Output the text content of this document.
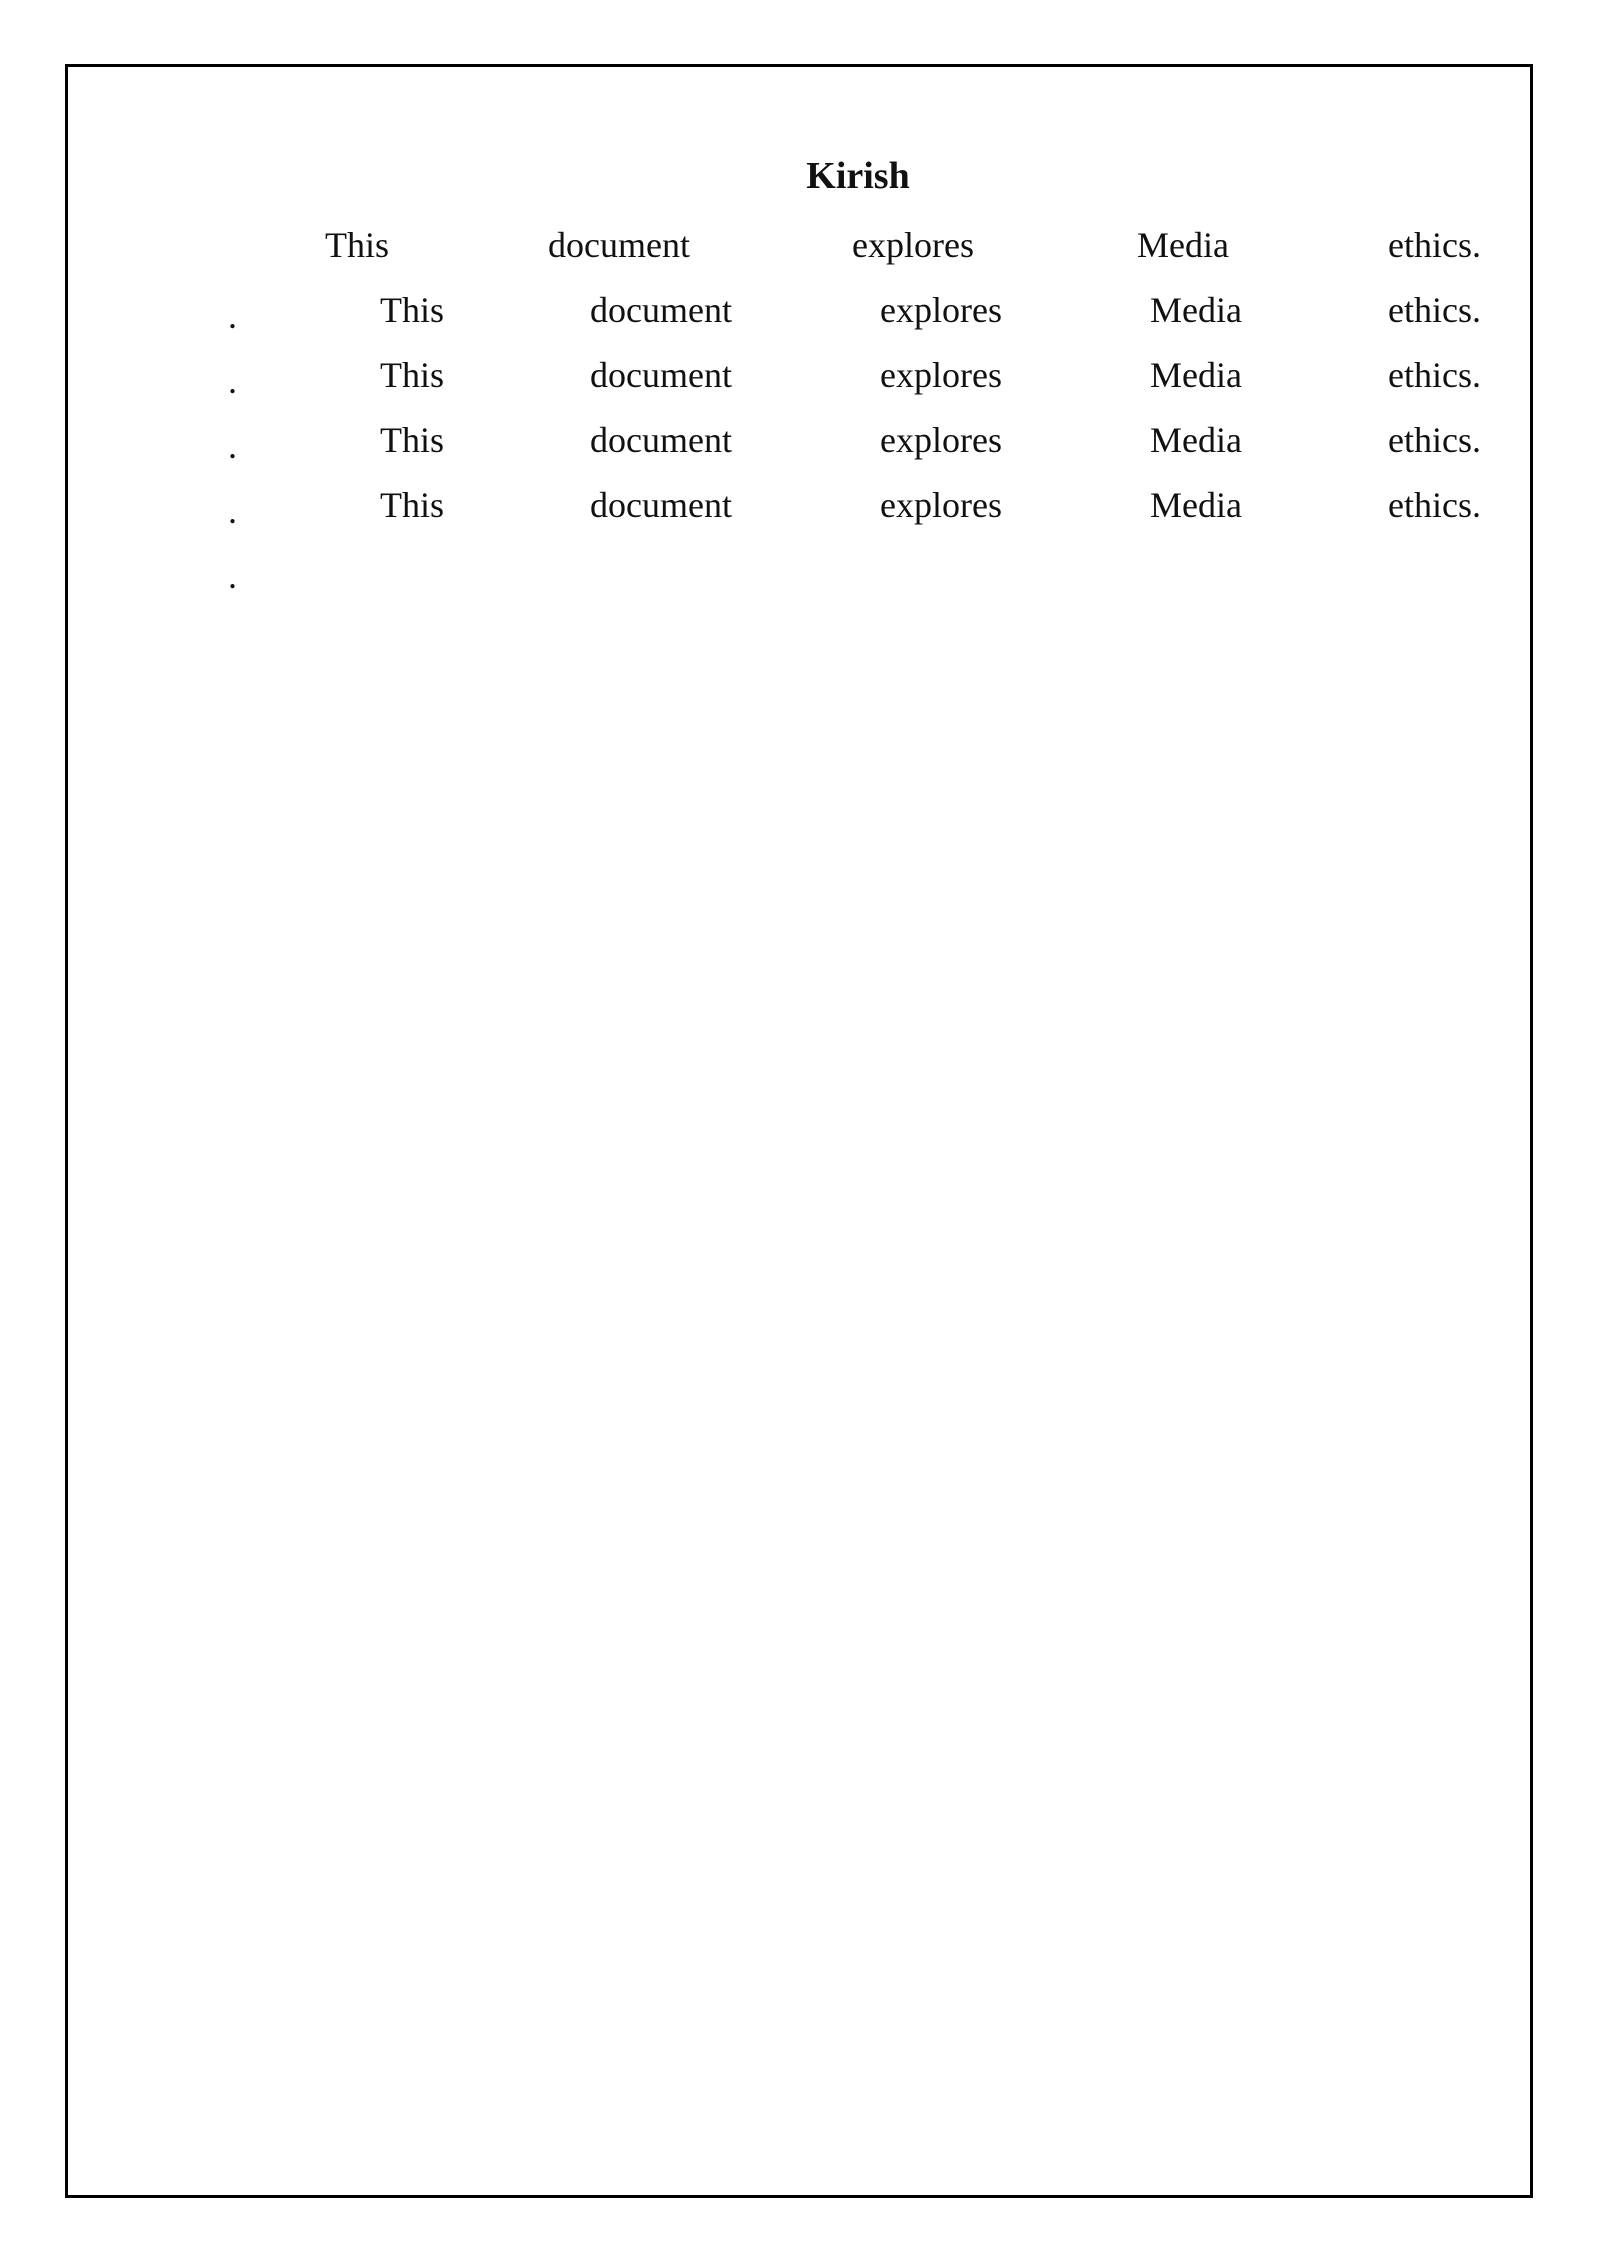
Kirish
This	document	explores	Media	ethics.
.	This	document	explores	Media	ethics.
.	This	document	explores	Media	ethics.
.	This	document	explores	Media	ethics.
.	This	document	explores	Media	ethics.
.
